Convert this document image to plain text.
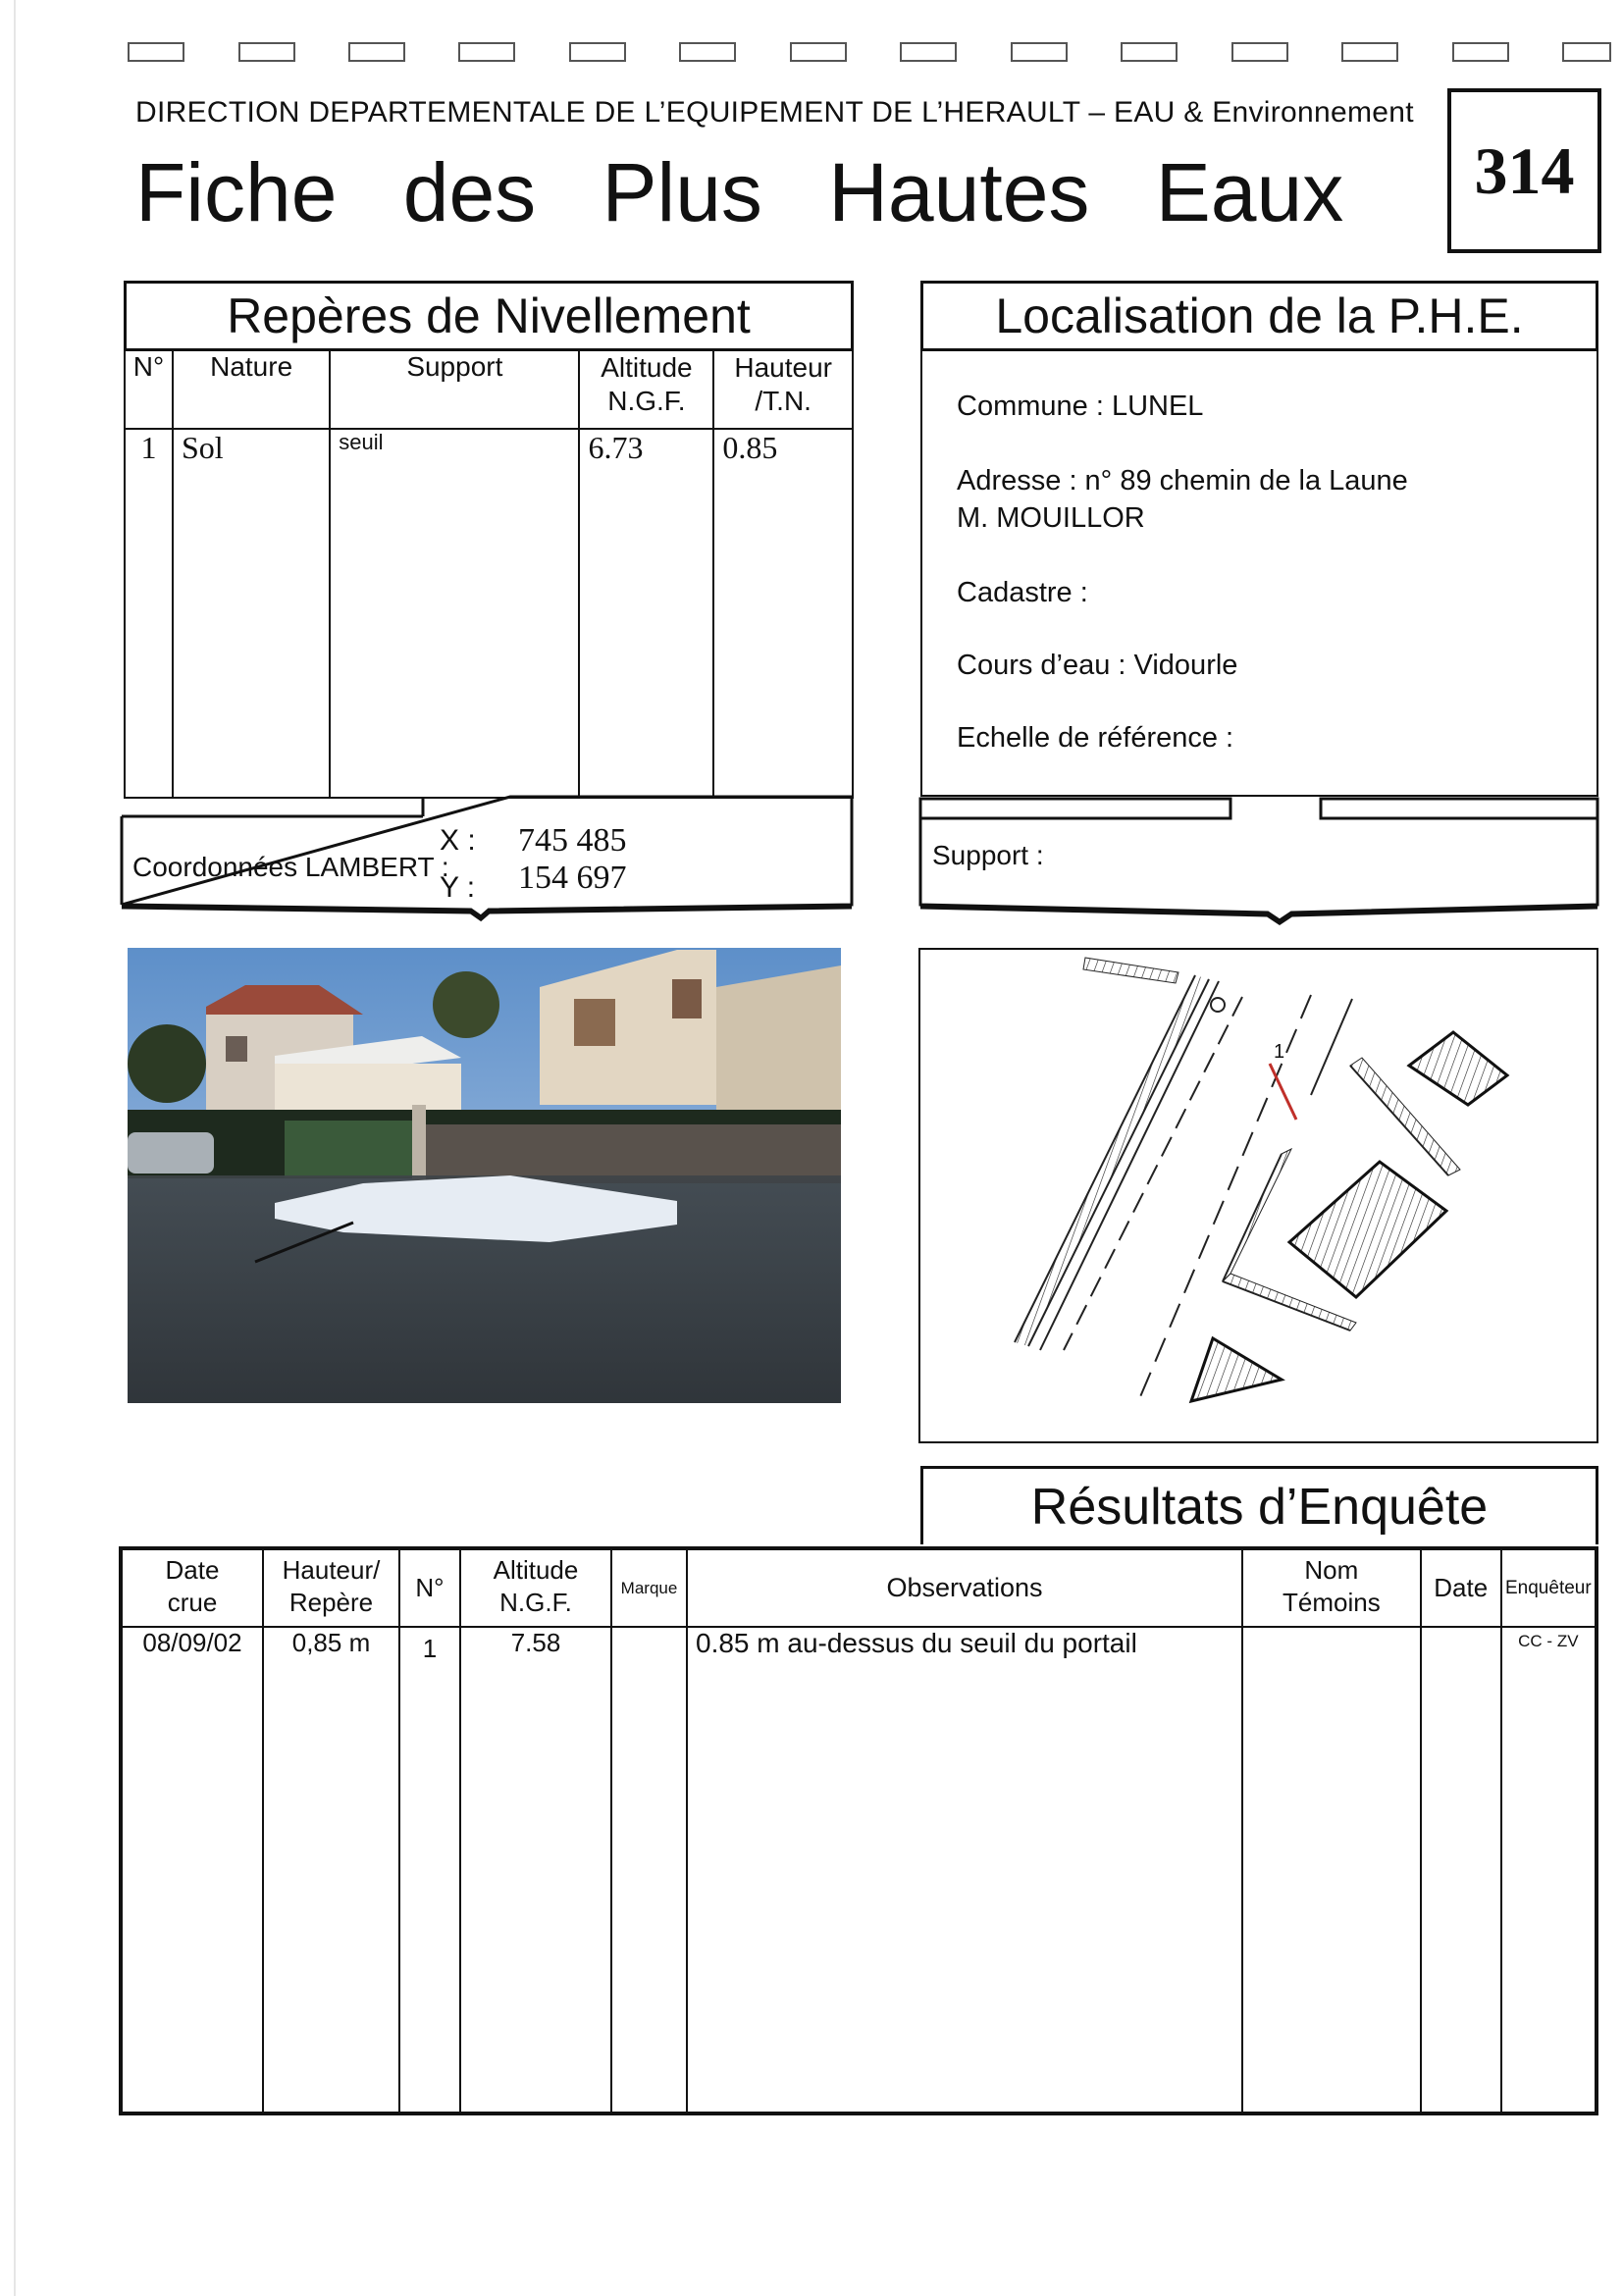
DIRECTION DEPARTEMENTALE DE L’EQUIPEMENT DE L’HERAULT – EAU & Environnement
Fiche des Plus Hautes Eaux	314
Repères de Nivellement
N°	Nature	Support	Altitude N.G.F.	Hauteur /T.N.

1	Sol	seuil	6.73	0.85
Coordonnées LAMBERT :
X : 745 485
Y : 154 697
Localisation de la P.H.E.
Commune : LUNEL
Adresse : n° 89 chemin de la Laune
M. MOUILLOR
Cadastre :
Cours d’eau : Vidourle
Echelle de référence :
Support :
1
Résultats d’Enquête
Date crue	Hauteur/ Repère	N°	Altitude N.G.F.	Marque	Observations	Nom Témoins	Date	Enquêteur
08/09/02	0,85 m	1	7.58		0.85 m au-dessus du seuil du portail			CC - ZV
